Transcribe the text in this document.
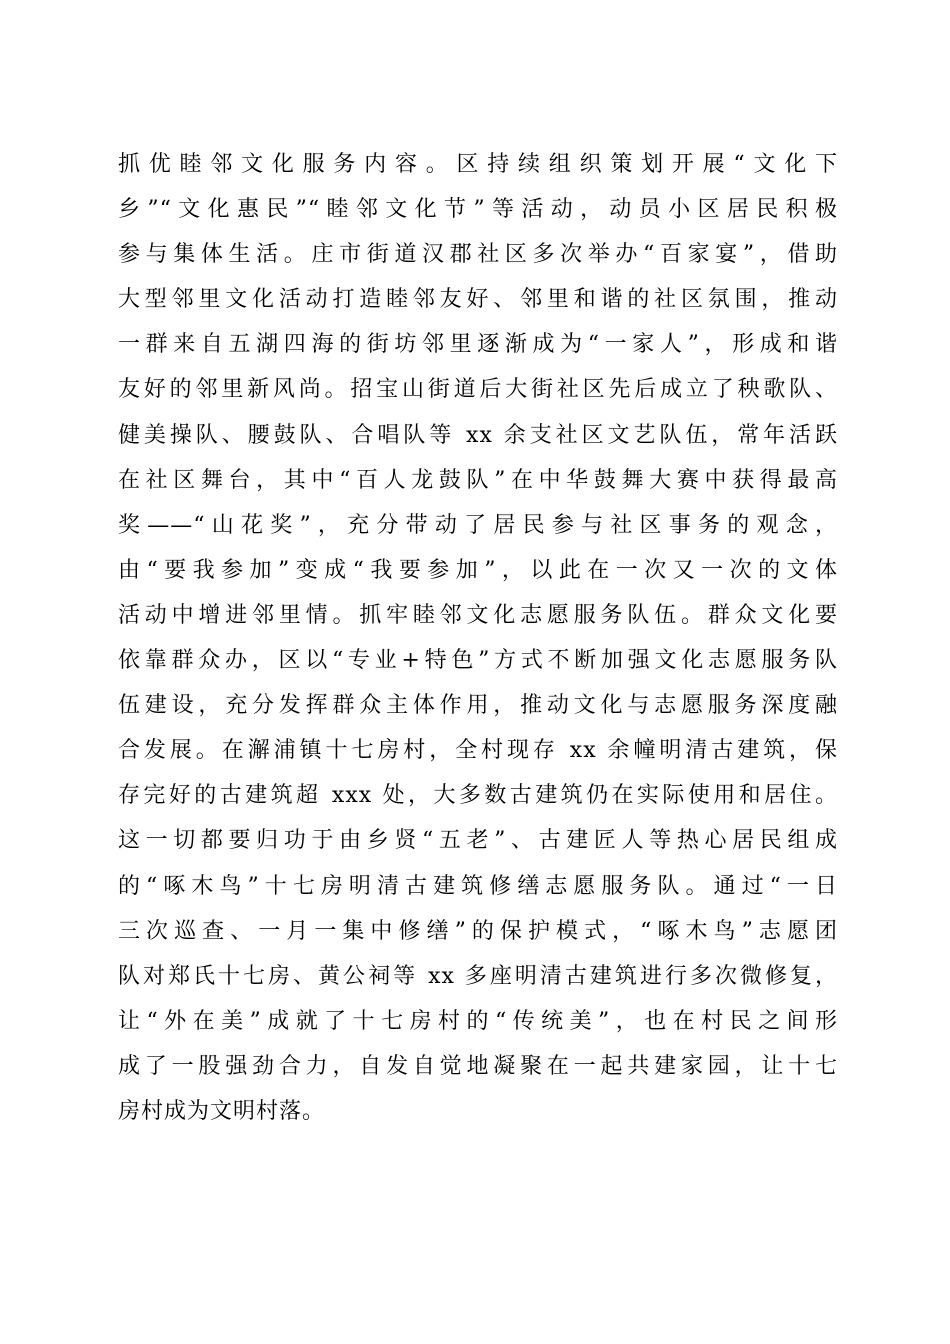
抓优睦邻文化服务内容。区持续组织策划开展“文化下
乡”“文化惠民”“睦邻文化节”等活动，动员小区居民积极
参与集体生活。庄市街道汉郡社区多次举办“百家宴”，借助
大型邻里文化活动打造睦邻友好、邻里和谐的社区氛围，推动
一群来自五湖四海的街坊邻里逐渐成为“一家人”，形成和谐
友好的邻里新风尚。招宝山街道后大街社区先后成立了秧歌队、
健美操队、腰鼓队、合唱队等 xx 余支社区文艺队伍，常年活跃
在社区舞台，其中“百人龙鼓队”在中华鼓舞大赛中获得最高
奖——“山花奖”，充分带动了居民参与社区事务的观念，
由“要我参加”变成“我要参加”，以此在一次又一次的文体
活动中增进邻里情。抓牢睦邻文化志愿服务队伍。群众文化要
依靠群众办，区以“专业+特色”方式不断加强文化志愿服务队
伍建设，充分发挥群众主体作用，推动文化与志愿服务深度融
合发展。在澥浦镇十七房村，全村现存 xx 余幢明清古建筑，保
存完好的古建筑超 xxx 处，大多数古建筑仍在实际使用和居住。
这一切都要归功于由乡贤“五老”、古建匠人等热心居民组成
的“啄木鸟”十七房明清古建筑修缮志愿服务队。通过“一日
三次巡查、一月一集中修缮”的保护模式，“啄木鸟”志愿团
队对郑氏十七房、黄公祠等 xx 多座明清古建筑进行多次微修复，
让“外在美”成就了十七房村的“传统美”，也在村民之间形
成了一股强劲合力，自发自觉地凝聚在一起共建家园，让十七
房村成为文明村落。
